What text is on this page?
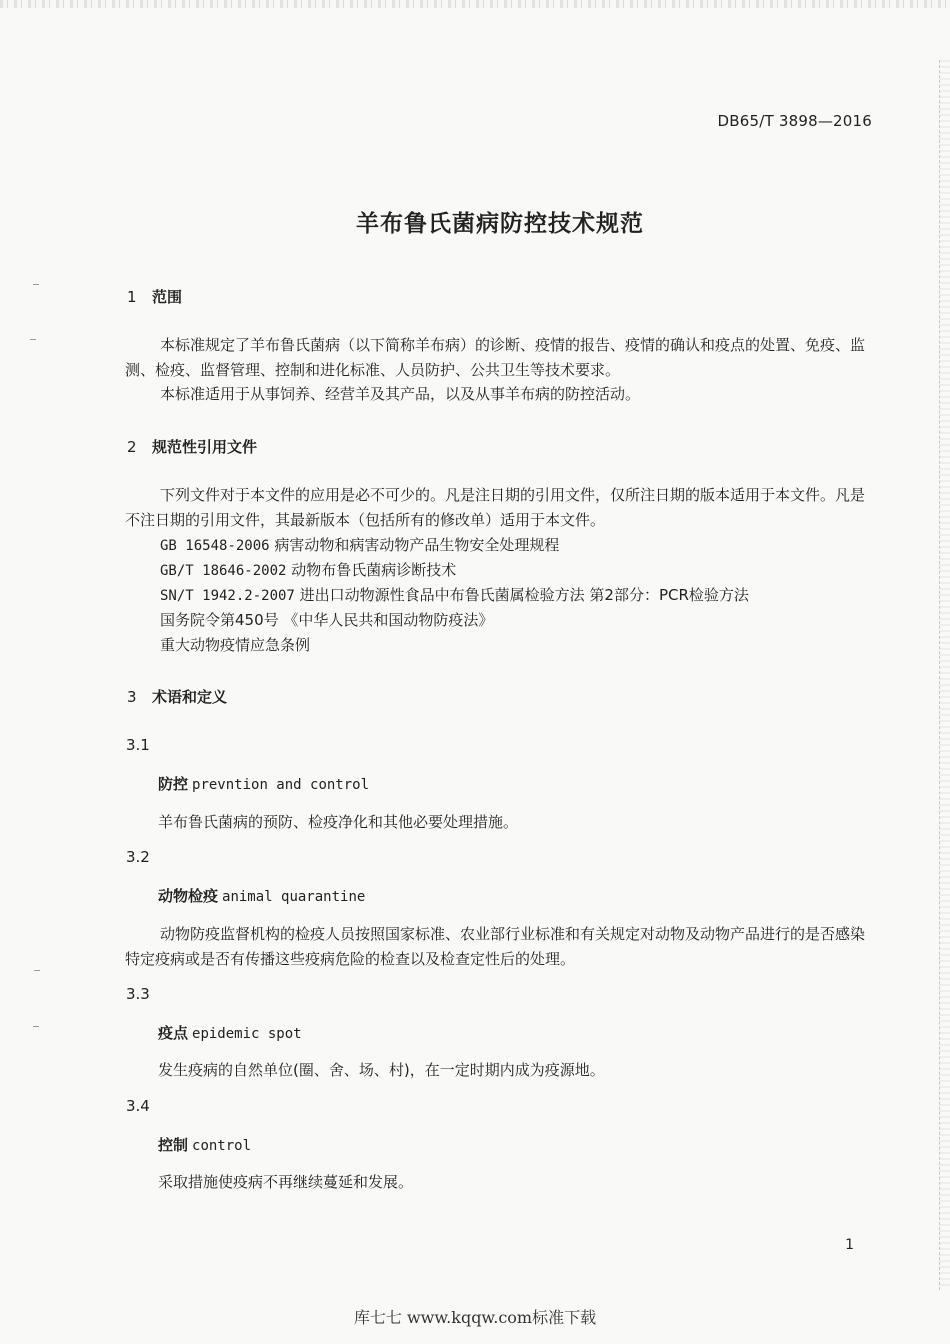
DB65/T 3898—2016
羊布鲁氏菌病防控技术规范
1 范围
本标准规定了羊布鲁氏菌病（以下简称羊布病）的诊断、疫情的报告、疫情的确认和疫点的处置、免疫、监测、检疫、监督管理、控制和进化标准、人员防护、公共卫生等技术要求。
本标准适用于从事饲养、经营羊及其产品，以及从事羊布病的防控活动。
2 规范性引用文件
下列文件对于本文件的应用是必不可少的。凡是注日期的引用文件，仅所注日期的版本适用于本文件。凡是不注日期的引用文件，其最新版本（包括所有的修改单）适用于本文件。
GB 16548-2006 病害动物和病害动物产品生物安全处理规程
GB/T 18646-2002 动物布鲁氏菌病诊断技术
SN/T 1942.2-2007 进出口动物源性食品中布鲁氏菌属检验方法 第2部分：PCR检验方法
国务院令第450号 《中华人民共和国动物防疫法》
重大动物疫情应急条例
3 术语和定义
3.1
防控 prevntion and control
羊布鲁氏菌病的预防、检疫净化和其他必要处理措施。
3.2
动物检疫 animal quarantine
动物防疫监督机构的检疫人员按照国家标准、农业部行业标准和有关规定对动物及动物产品进行的是否感染特定疫病或是否有传播这些疫病危险的检查以及检查定性后的处理。
3.3
疫点 epidemic spot
发生疫病的自然单位(圈、舍、场、村)，在一定时期内成为疫源地。
3.4
控制 control
采取措施使疫病不再继续蔓延和发展。
1
库七七 www.kqqw.com标准下载
